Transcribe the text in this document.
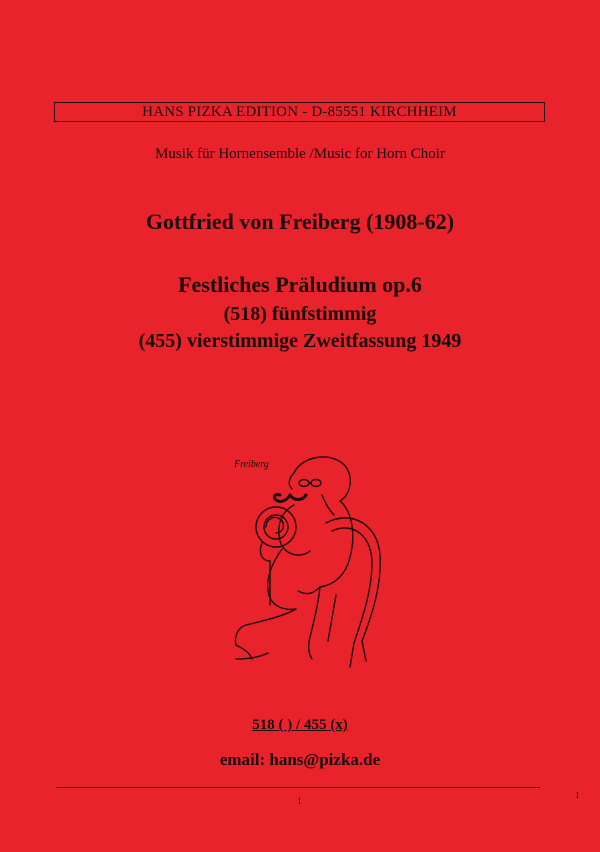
HANS PIZKA EDITION - D-85551 KIRCHHEIM
Musik für Hornensemble /Music for Horn Choir
Gottfried von Freiberg (1908-62)
Festliches Präludium op.6
(518) fünfstimmig
(455) vierstimmige Zweitfassung 1949
Freiberg
518 ( ) / 455 (x)
email: hans@pizka.de
1
1
